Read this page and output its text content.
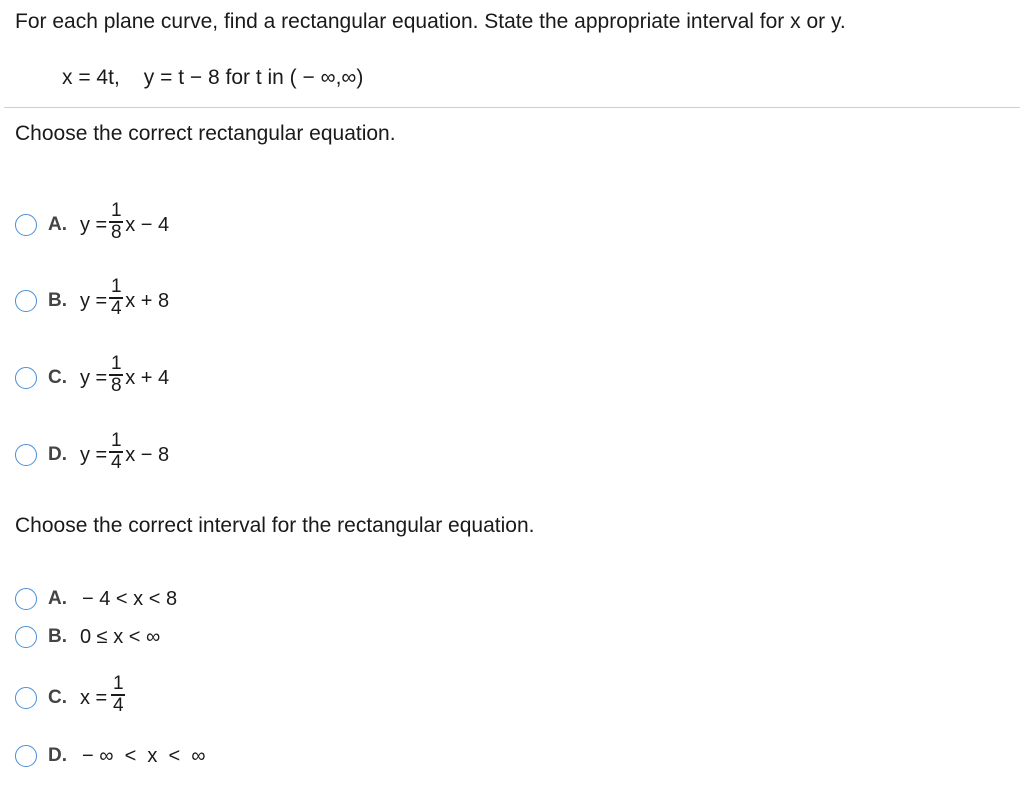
For each plane curve, find a rectangular equation. State the appropriate interval for x or y.
x = 4t, y = t − 8 for t in ( − ∞,∞)
Choose the correct rectangular equation.
A. $y = \frac{1}{8}$ x − 4
B. $y = \frac{1}{4}$ x + 8
C. $y = \frac{1}{8}$ x + 4
D. $y = \frac{1}{4}$ x − 8
Choose the correct interval for the rectangular equation.
A. − 4 < x < 8
B. 0 ≤ x < ∞
C. $x = \frac{1}{4}$
D. − ∞  <  x  <  ∞
